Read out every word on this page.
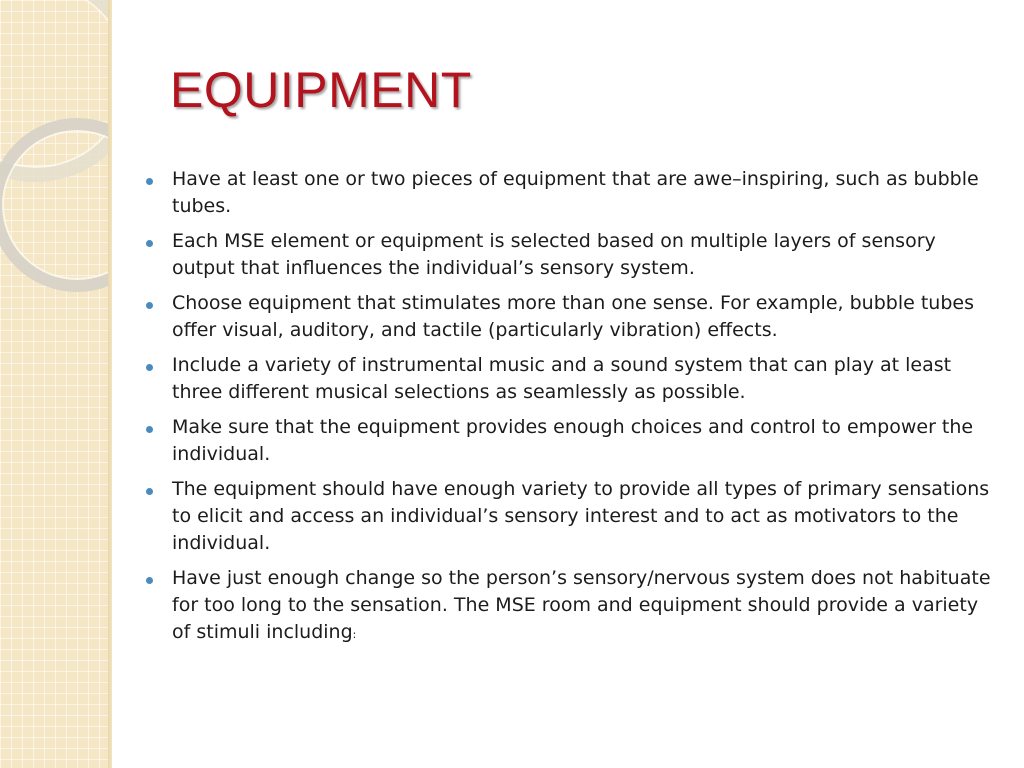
EQUIPMENT
Have at least one or two pieces of equipment that are awe–inspiring, such as bubble tubes.
Each MSE element or equipment is selected based on multiple layers of sensory output that influences the individual’s sensory system.
Choose equipment that stimulates more than one sense. For example, bubble tubes offer visual, auditory, and tactile (particularly vibration) effects.
Include a variety of instrumental music and a sound system that can play at least three different musical selections as seamlessly as possible.
Make sure that the equipment provides enough choices and control to empower the individual.
The equipment should have enough variety to provide all types of primary sensations to elicit and access an individual’s sensory interest and to act as motivators to the individual.
Have just enough change so the person’s sensory/nervous system does not habituate for too long to the sensation. The MSE room and equipment should provide a variety of stimuli including:
